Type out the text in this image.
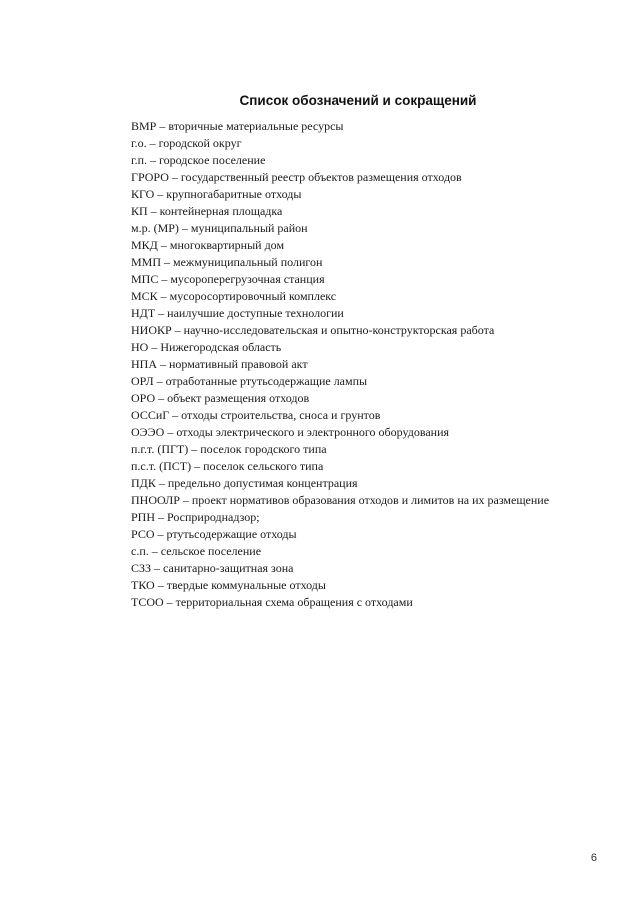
Список обозначений и сокращений
ВМР – вторичные материальные ресурсы
г.о. – городской округ
г.п. – городское поселение
ГРОРО – государственный реестр объектов размещения отходов
КГО – крупногабаритные отходы
КП – контейнерная площадка
м.р. (МР) – муниципальный район
МКД – многоквартирный дом
ММП – межмуниципальный полигон
МПС – мусороперегрузочная станция
МСК – мусоросортировочный комплекс
НДТ – наилучшие доступные технологии
НИОКР – научно-исследовательская и опытно-конструкторская работа
НО – Нижегородская область
НПА – нормативный правовой акт
ОРЛ – отработанные ртутьсодержащие лампы
ОРО – объект размещения отходов
ОССиГ – отходы строительства, сноса и грунтов
ОЭЭО – отходы электрического и электронного оборудования
п.г.т. (ПГТ) – поселок городского типа
п.с.т. (ПСТ) – поселок сельского типа
ПДК – предельно допустимая концентрация
ПНООЛР – проект нормативов образования отходов и лимитов на их размещение
РПН – Росприроднадзор;
РСО – ртутьсодержащие отходы
с.п. – сельское поселение
СЗЗ – санитарно-защитная зона
ТКО – твердые коммунальные отходы
ТСОО – территориальная схема обращения с отходами
6
